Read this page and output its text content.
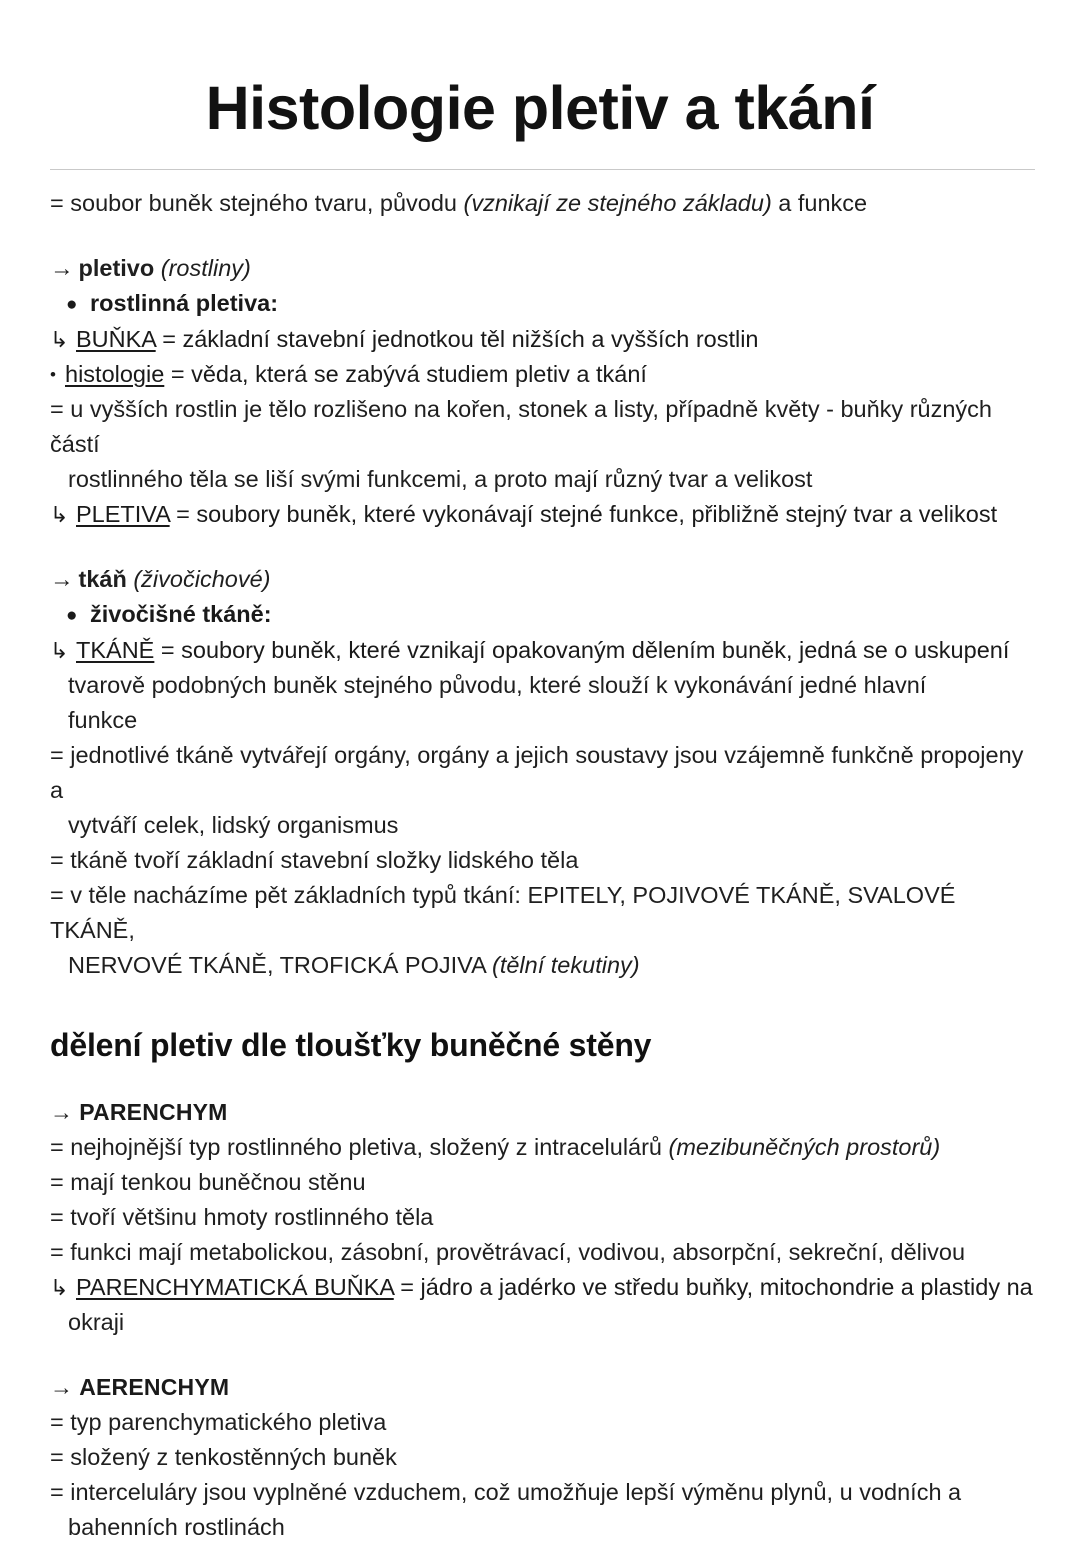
Histologie pletiv a tkání
= soubor buněk stejného tvaru, původu (vznikají ze stejného základu) a funkce
→ pletivo (rostliny)
● rostlinná pletiva:
↳ BUŇKA = základní stavební jednotkou těl nižších a vyšších rostlin
• histologie = věda, která se zabývá studiem pletiv a tkání
= u vyšších rostlin je tělo rozlišeno na kořen, stonek a listy, případně květy - buňky různých částí
rostlinného těla se liší svými funkcemi, a proto mají různý tvar a velikost
↳ PLETIVA = soubory buněk, které vykonávají stejné funkce, přibližně stejný tvar a velikost
→ tkáň (živočichové)
● živočišné tkáně:
↳ TKÁNĚ = soubory buněk, které vznikají opakovaným dělením buněk, jedná se o uskupení
tvarově podobných buněk stejného původu, které slouží k vykonávání jedné hlavní
funkce
= jednotlivé tkáně vytvářejí orgány, orgány a jejich soustavy jsou vzájemně funkčně propojeny a
vytváří celek, lidský organismus
= tkáně tvoří základní stavební složky lidského těla
= v těle nacházíme pět základních typů tkání: EPITELY, POJIVOVÉ TKÁNĚ, SVALOVÉ TKÁNĚ,
NERVOVÉ TKÁNĚ, TROFICKÁ POJIVA (tělní tekutiny)
dělení pletiv dle tloušťky buněčné stěny
→ PARENCHYM
= nejhojnější typ rostlinného pletiva, složený z intracelulárů (mezibuněčných prostorů)
= mají tenkou buněčnou stěnu
= tvoří většinu hmoty rostlinného těla
= funkci mají metabolickou, zásobní, provětrávací, vodivou, absorpční, sekreční, dělivou
↳ PARENCHYMATICKÁ BUŇKA = jádro a jadérko ve středu buňky, mitochondrie a plastidy na
okraji
→ AERENCHYM
= typ parenchymatického pletiva
= složený z tenkostěnných buněk
= interceluláry jsou vyplněné vzduchem, což umožňuje lepší výměnu plynů, u vodních a
bahenních rostlinách
